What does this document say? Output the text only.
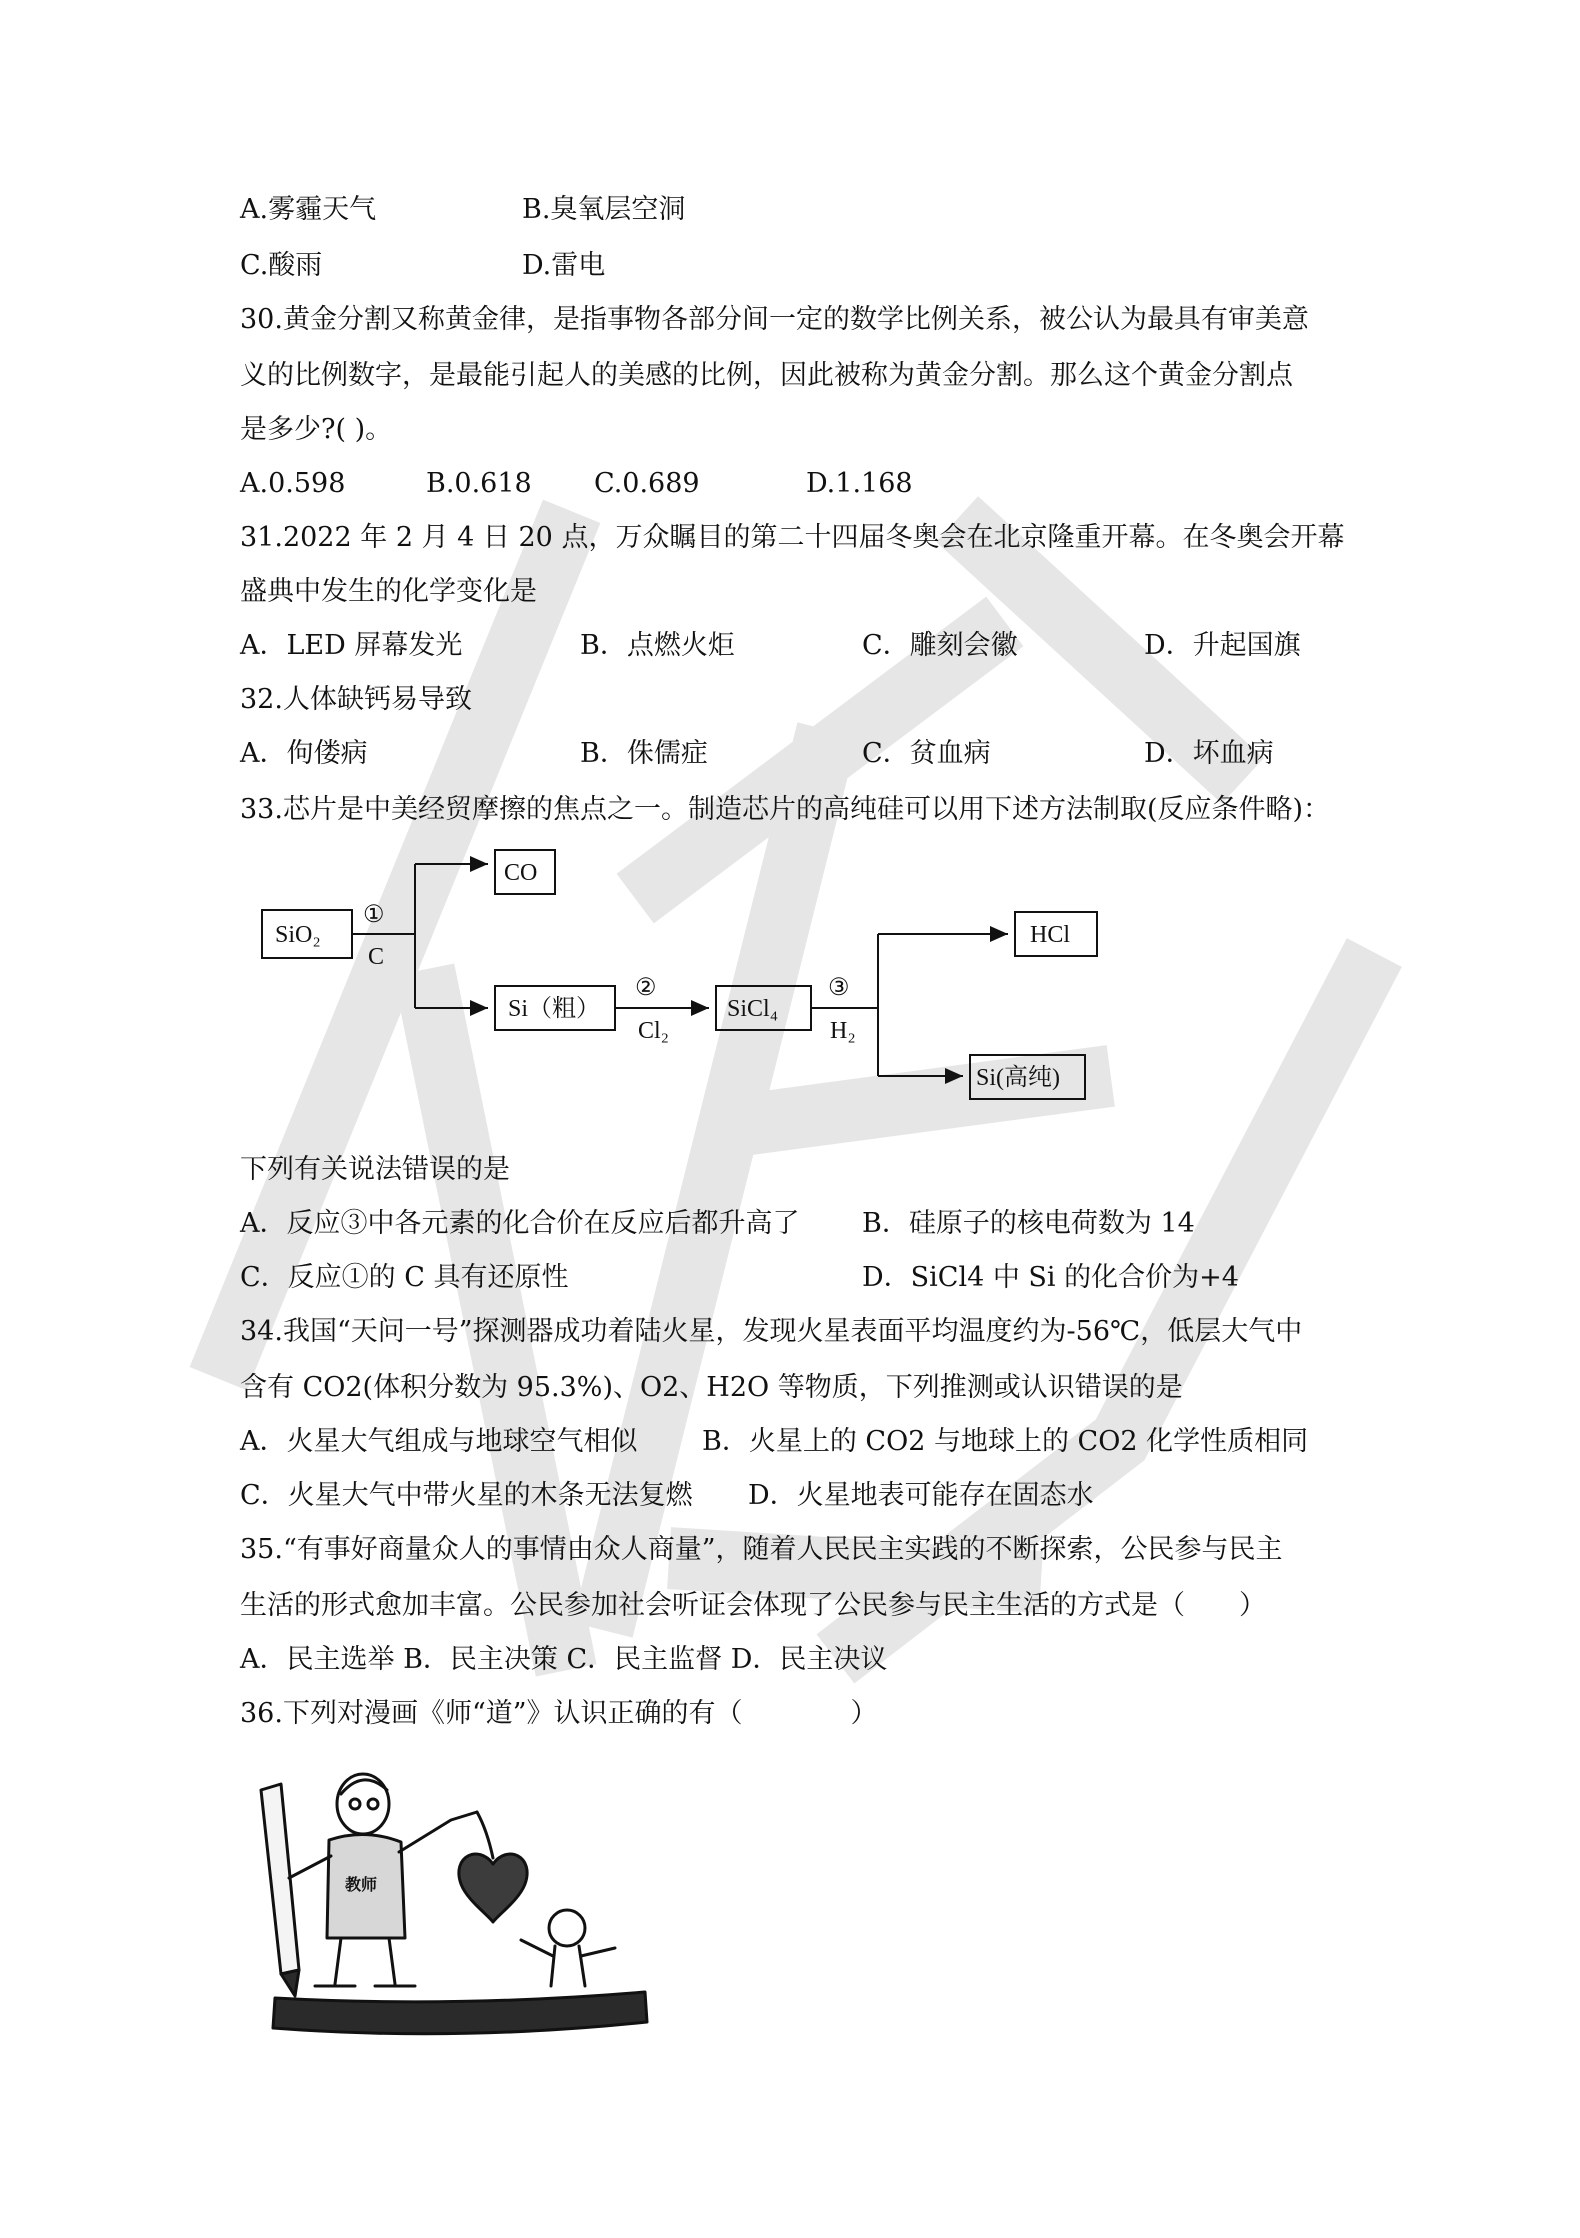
A.雾霾天气	B.臭氧层空洞
C.酸雨	D.雷电
30.黄金分割又称黄金律，是指事物各部分间一定的数学比例关系，被公认为最具有审美意
义的比例数字，是最能引起人的美感的比例，因此被称为黄金分割。那么这个黄金分割点
是多少?( )。
A.0.598	B.0.618 C.0.689	D.1.168
31.2022 年 2 月 4 日 20 点，万众瞩目的第二十四届冬奥会在北京隆重开幕。在冬奥会开幕
盛典中发生的化学变化是
A．LED 屏幕发光	B．点燃火炬	C．雕刻会徽	D．升起国旗
32.人体缺钙易导致
A．佝偻病	B．侏儒症	C．贫血病	D．坏血病
33.芯片是中美经贸摩擦的焦点之一。制造芯片的高纯硅可以用下述方法制取(反应条件略)：
SiO₂
①
C
CO
Si（粗）
②
Cl₂
SiCl₄
③
H₂
HCl
Si(高纯)
下列有关说法错误的是
A．反应③中各元素的化合价在反应后都升高了 B．硅原子的核电荷数为 14
C．反应①的 C 具有还原性	D．SiCl4 中 Si 的化合价为+4
34.我国“天问一号”探测器成功着陆火星，发现火星表面平均温度约为-56℃，低层大气中
含有 CO2(体积分数为 95.3%)、O2、H2O 等物质，下列推测或认识错误的是
A．火星大气组成与地球空气相似 B．火星上的 CO2 与地球上的 CO2 化学性质相同
C．火星大气中带火星的木条无法复燃 D．火星地表可能存在固态水
35.“有事好商量众人的事情由众人商量”，随着人民民主实践的不断探索，公民参与民主
生活的形式愈加丰富。公民参加社会听证会体现了公民参与民主生活的方式是（　　）
A．民主选举 B．民主决策 C．民主监督 D．民主决议
36.下列对漫画《师“道”》认识正确的有（　　　　）
教师
